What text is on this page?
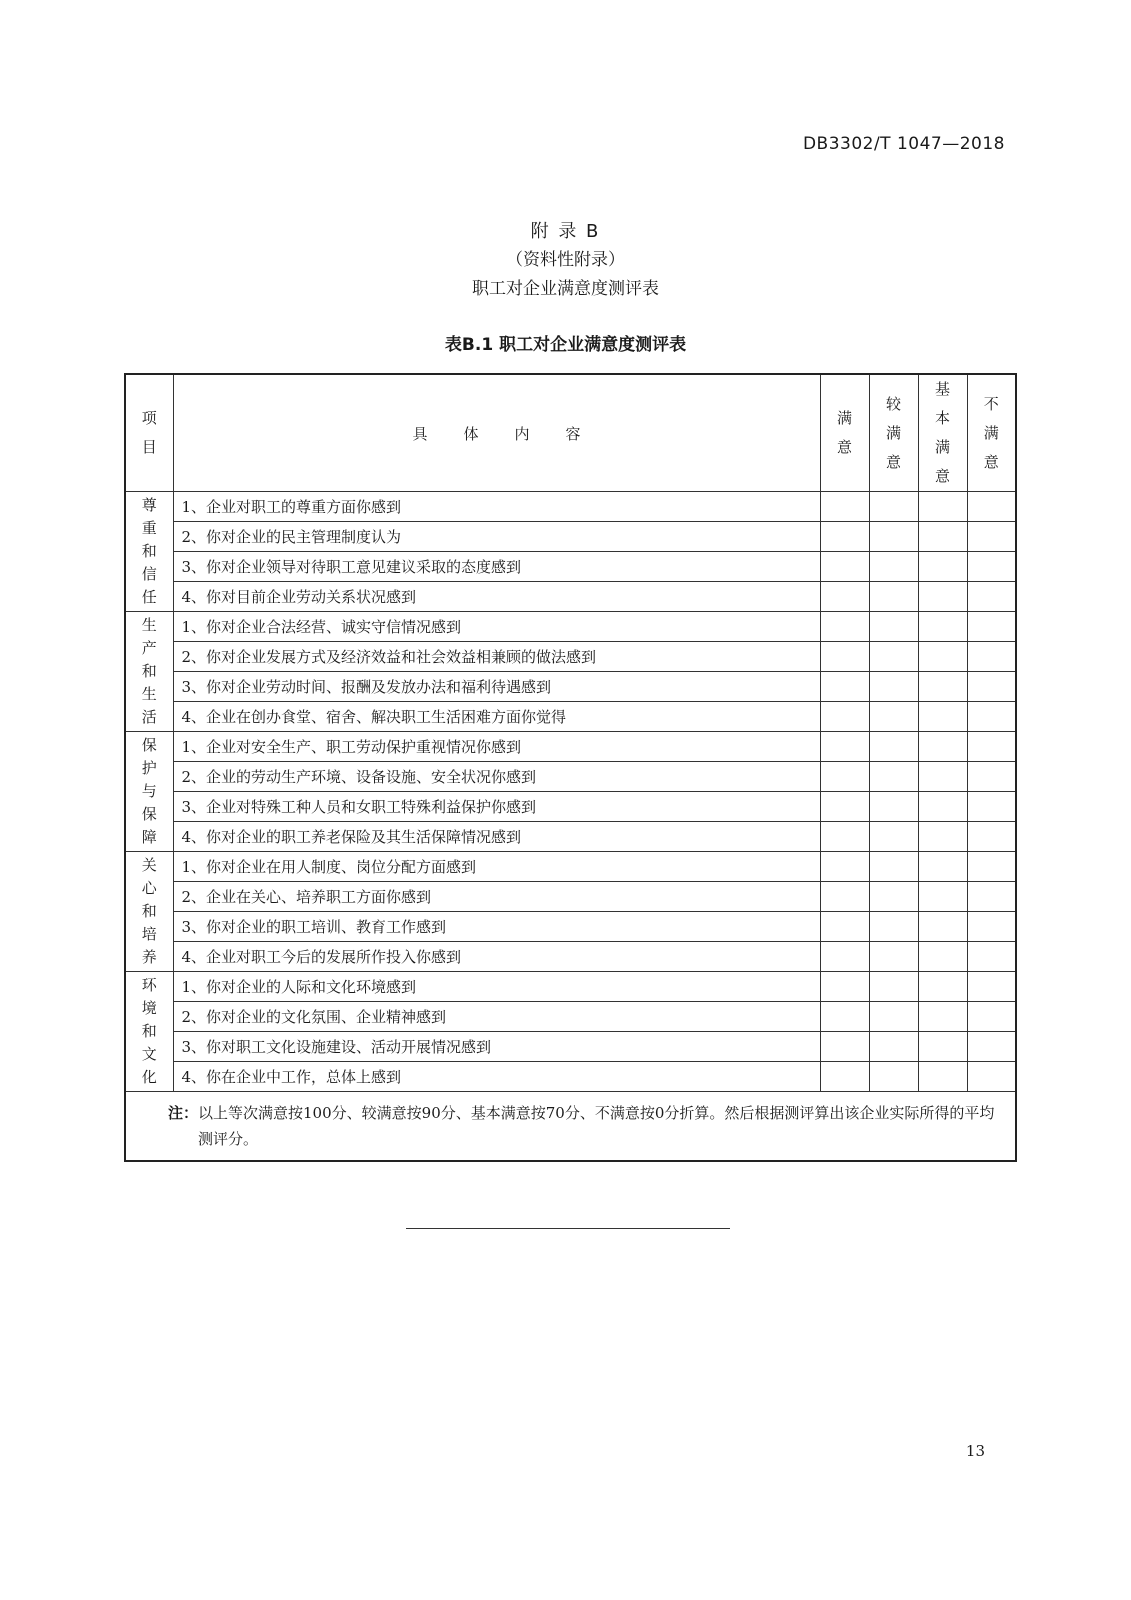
DB3302/T 1047—2018
附 录 B
（资料性附录）
职工对企业满意度测评表
表B.1 职工对企业满意度测评表
项目	具体内容	满意	较满意	基本满意	不满意
尊重和信任	1、企业对职工的尊重方面你感到				
	2、你对企业的民主管理制度认为				
	3、你对企业领导对待职工意见建议采取的态度感到				
	4、你对目前企业劳动关系状况感到				
生产和生活	1、你对企业合法经营、诚实守信情况感到				
	2、你对企业发展方式及经济效益和社会效益相兼顾的做法感到				
	3、你对企业劳动时间、报酬及发放办法和福利待遇感到				
	4、企业在创办食堂、宿舍、解决职工生活困难方面你觉得				
保护与保障	1、企业对安全生产、职工劳动保护重视情况你感到				
	2、企业的劳动生产环境、设备设施、安全状况你感到				
	3、企业对特殊工种人员和女职工特殊利益保护你感到				
	4、你对企业的职工养老保险及其生活保障情况感到				
关心和培养	1、你对企业在用人制度、岗位分配方面感到				
	2、企业在关心、培养职工方面你感到				
	3、你对企业的职工培训、教育工作感到				
	4、企业对职工今后的发展所作投入你感到				
环境和文化	1、你对企业的人际和文化环境感到				
	2、你对企业的文化氛围、企业精神感到				
	3、你对职工文化设施建设、活动开展情况感到				
	4、你在企业中工作，总体上感到				

注：以上等次满意按100分、较满意按90分、基本满意按70分、不满意按0分折算。然后根据测评算出该企业实际所得的平均测评分。					
13
